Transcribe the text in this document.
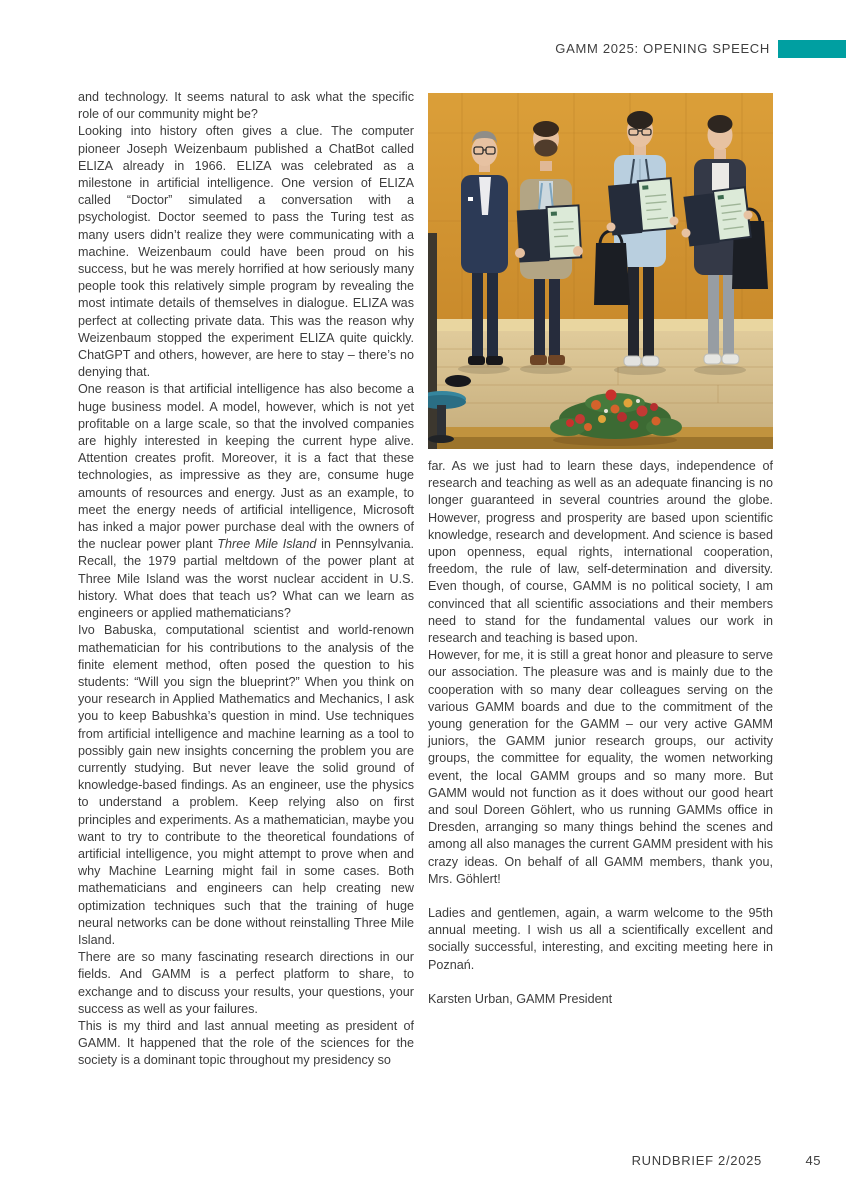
GAMM 2025: OPENING SPEECH

and technology. It seems natural to ask what the specific role of our community might be?

Looking into history often gives a clue. The computer pioneer Joseph Weizenbaum published a ChatBot called ELIZA already in 1966. ELIZA was celebrated as a milestone in artificial intelligence. One version of ELIZA called “Doctor” simulated a conversation with a psychologist. Doctor seemed to pass the Turing test as many users didn’t realize they were communicating with a machine. Weizenbaum could have been proud on his success, but he was merely horrified at how seriously many people took this relatively simple program by revealing the most intimate details of themselves in dialogue. ELIZA was perfect at collecting private data. This was the reason why Weizenbaum stopped the experiment ELIZA quite quickly. ChatGPT and others, however, are here to stay – there’s no denying that.

One reason is that artificial intelligence has also become a huge business model. A model, however, which is not yet profitable on a large scale, so that the involved companies are highly interested in keeping the current hype alive. Attention creates profit. Moreover, it is a fact that these technologies, as impressive as they are, consume huge amounts of resources and energy. Just as an example, to meet the energy needs of artificial intelligence, Microsoft has inked a major power purchase deal with the owners of the nuclear power plant Three Mile Island in Pennsylvania. Recall, the 1979 partial meltdown of the power plant at Three Mile Island was the worst nuclear accident in U.S. history. What does that teach us? What can we learn as engineers or applied mathematicians?

Ivo Babuska, computational scientist and world-renown mathematician for his contributions to the analysis of the finite element method, often posed the question to his students: “Will you sign the blueprint?” When you think on your research in Applied Mathematics and Mechanics, I ask you to keep Babushka’s question in mind. Use techniques from artificial intelligence and machine learning as a tool to possibly gain new insights concerning the problem you are currently studying. But never leave the solid ground of knowledge-based findings. As an engineer, use the physics to understand a problem. Keep relying also on first principles and experiments. As a mathematician, maybe you want to try to contribute to the theoretical foundations of artificial intelligence, you might attempt to prove when and why Machine Learning might fail in some cases. Both mathematicians and engineers can help creating new optimization techniques such that the training of huge neural networks can be done without reinstalling Three Mile Island.

There are so many fascinating research directions in our fields. And GAMM is a perfect platform to share, to exchange and to discuss your results, your questions, your success as well as your failures.

This is my third and last annual meeting as president of GAMM. It happened that the role of the sciences for the society is a dominant topic throughout my presidency so

far. As we just had to learn these days, independence of research and teaching as well as an adequate financing is no longer guaranteed in several countries around the globe. However, progress and prosperity are based upon scientific knowledge, research and development. And science is based upon openness, equal rights, international cooperation, freedom, the rule of law, self-determination and diversity. Even though, of course, GAMM is no political society, I am convinced that all scientific associations and their members need to stand for the fundamental values our work in research and teaching is based upon.

However, for me, it is still a great honor and pleasure to serve our association. The pleasure was and is mainly due to the cooperation with so many dear colleagues serving on the various GAMM boards and due to the commitment of the young generation for the GAMM – our very active GAMM juniors, the GAMM junior research groups, our activity groups, the committee for equality, the women networking event, the local GAMM groups and so many more. But GAMM would not function as it does without our good heart and soul Doreen Göhlert, who us running GAMMs office in Dresden, arranging so many things behind the scenes and among all also manages the current GAMM president with his crazy ideas. On behalf of all GAMM members, thank you, Mrs. Göhlert!

Ladies and gentlemen, again, a warm welcome to the 95th annual meeting. I wish us all a scientifically excellent and socially successful, interesting, and exciting meeting here in Poznań.

Karsten Urban, GAMM President

RUNDBRIEF 2/2025	45
